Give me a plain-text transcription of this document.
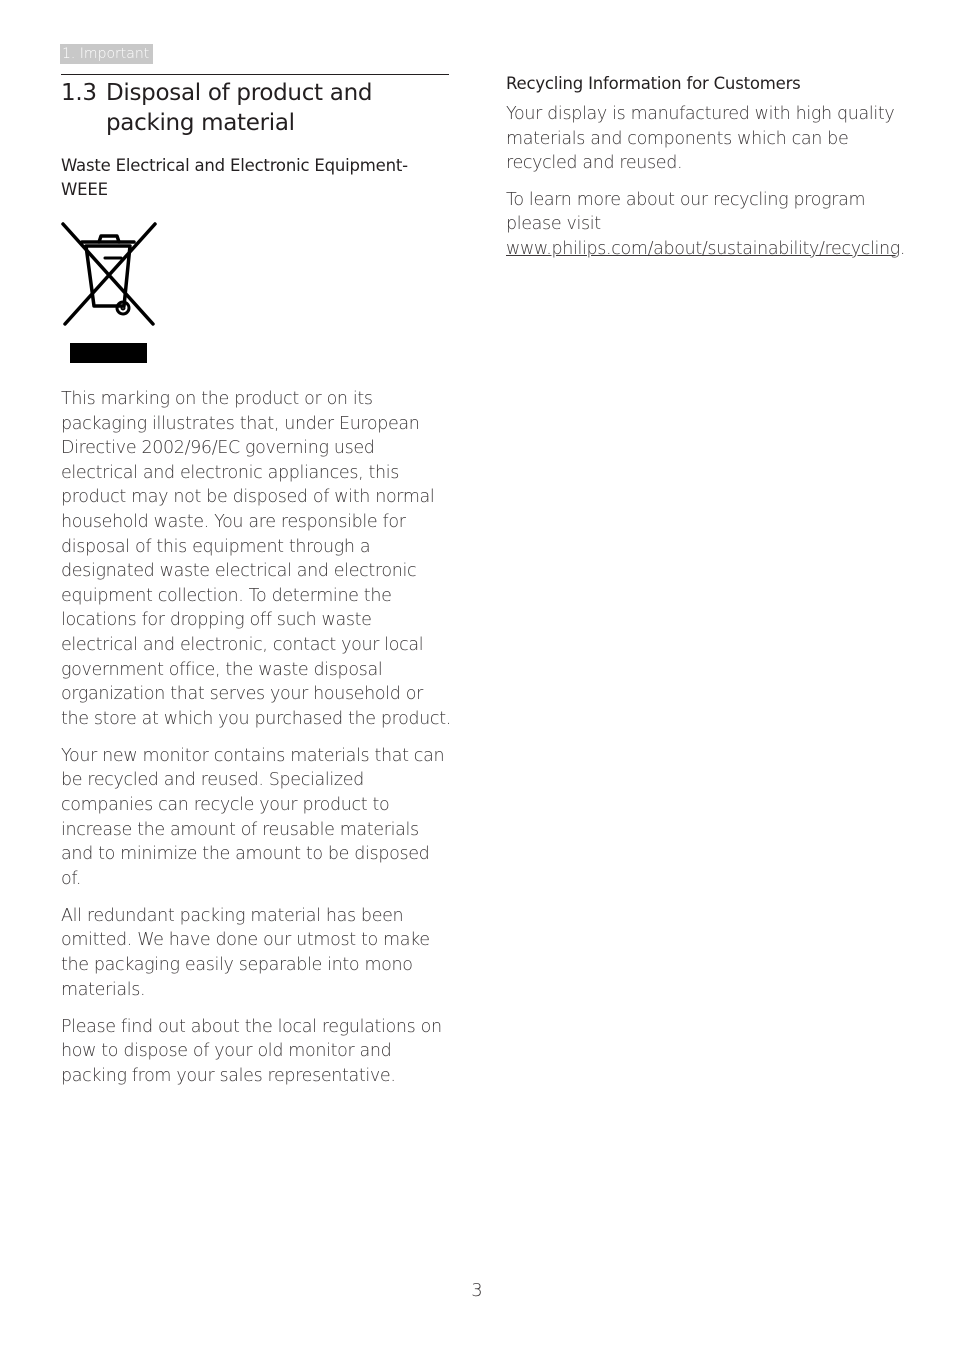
1. Important
1.3 Disposal of product and packing material
Waste Electrical and Electronic Equipment-WEEE

This marking on the product or on its packaging illustrates that, under European Directive 2002/96/EC governing used electrical and electronic appliances, this product may not be disposed of with normal household waste. You are responsible for disposal of this equipment through a designated waste electrical and electronic equipment collection. To determine the locations for dropping off such waste electrical and electronic, contact your local government office, the waste disposal organization that serves your household or the store at which you purchased the product.

Your new monitor contains materials that can be recycled and reused. Specialized companies can recycle your product to increase the amount of reusable materials and to minimize the amount to be disposed of.

All redundant packing material has been omitted. We have done our utmost to make the packaging easily separable into mono materials.

Please find out about the local regulations on how to dispose of your old monitor and packing from your sales representative.

Recycling Information for Customers

Your display is manufactured with high quality materials and components which can be recycled and reused.

To learn more about our recycling program please visit www.philips.com/about/sustainability/recycling.

3
